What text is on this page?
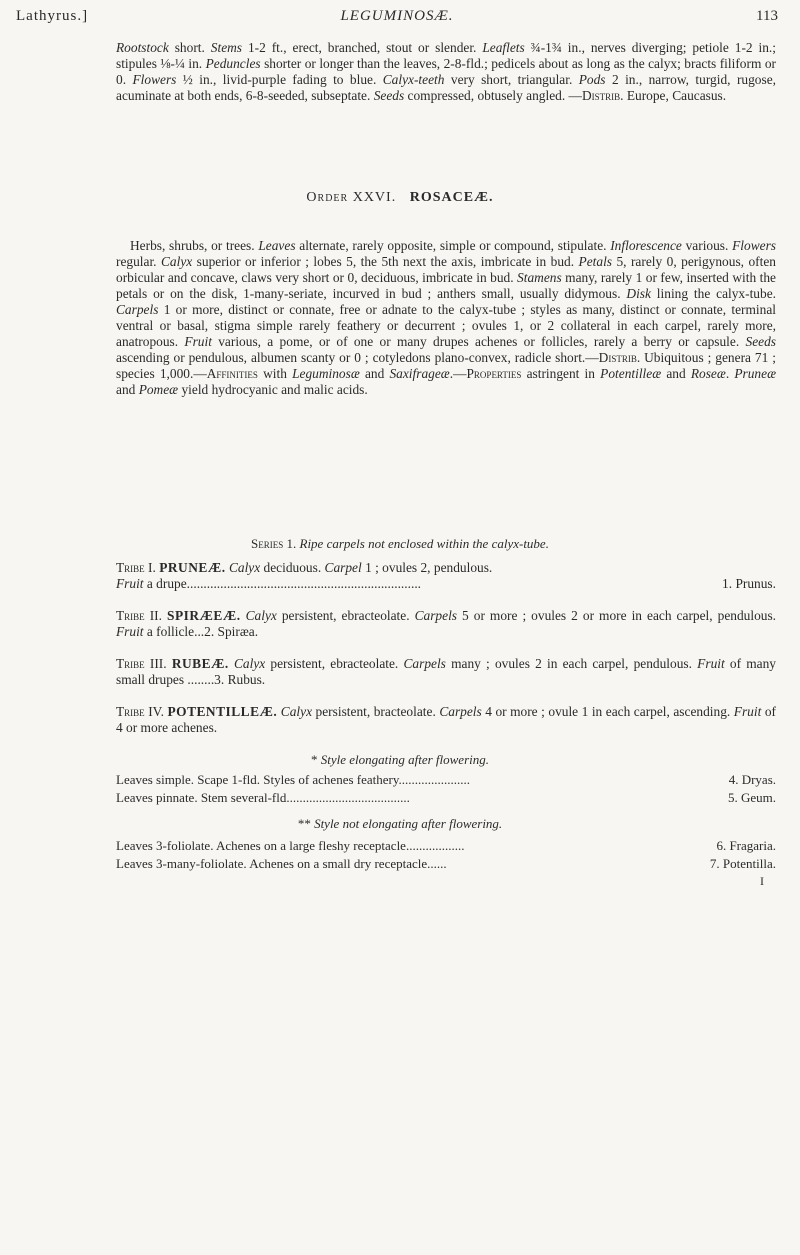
Lathyrus.]	LEGUMINOSÆ.	113
Rootstock short. Stems 1-2 ft., erect, branched, stout or slender. Leaflets ¾-1¾ in., nerves diverging; petiole 1-2 in.; stipules ⅛-¼ in. Peduncles shorter or longer than the leaves, 2-8-fld.; pedicels about as long as the calyx; bracts filiform or 0. Flowers ½ in., livid-purple fading to blue. Calyx-teeth very short, triangular. Pods 2 in., narrow, turgid, rugose, acuminate at both ends, 6-8-seeded, subseptate. Seeds compressed, obtusely angled. —Distrib. Europe, Caucasus.
Order XXVI. ROSACEÆ.
Herbs, shrubs, or trees. Leaves alternate, rarely opposite, simple or compound, stipulate. Inflorescence various. Flowers regular. Calyx superior or inferior ; lobes 5, the 5th next the axis, imbricate in bud. Petals 5, rarely 0, perigynous, often orbicular and concave, claws very short or 0, deciduous, imbricate in bud. Stamens many, rarely 1 or few, inserted with the petals or on the disk, 1-many-seriate, incurved in bud ; anthers small, usually didymous. Disk lining the calyx-tube. Carpels 1 or more, distinct or connate, free or adnate to the calyx-tube ; styles as many, distinct or connate, terminal ventral or basal, stigma simple rarely feathery or decurrent ; ovules 1, or 2 collateral in each carpel, rarely more, anatropous. Fruit various, a pome, or of one or many drupes achenes or follicles, rarely a berry or capsule. Seeds ascending or pendulous, albumen scanty or 0 ; cotyledons plano-convex, radicle short.—Distrib. Ubiquitous ; genera 71 ; species 1,000.—Affinities with Leguminosæ and Saxifrageæ.—Properties astringent in Potentilleæ and Roseæ. Pruneæ and Pomeæ yield hydrocyanic and malic acids.
Series 1. Ripe carpels not enclosed within the calyx-tube.
Tribe I. PRUNEÆ. Calyx deciduous. Carpel 1 ; ovules 2, pendulous.
Fruit a drupe......................................................................	1. Prunus.
Tribe II. SPIRÆEÆ. Calyx persistent, ebracteolate. Carpels 5 or more ; ovules 2 or more in each carpel, pendulous. Fruit a follicle...2. Spiræa.
Tribe III. RUBEÆ. Calyx persistent, ebracteolate. Carpels many ; ovules 2 in each carpel, pendulous. Fruit of many small drupes ........3. Rubus.
Tribe IV. POTENTILLEÆ. Calyx persistent, bracteolate. Carpels 4 or more ; ovule 1 in each carpel, ascending. Fruit of 4 or more achenes.
* Style elongating after flowering.
Leaves simple. Scape 1-fld. Styles of achenes feathery......................	4. Dryas.
Leaves pinnate. Stem several-fld......................................	5. Geum.
** Style not elongating after flowering.
Leaves 3-foliolate. Achenes on a large fleshy receptacle..................	6. Fragaria.
Leaves 3-many-foliolate. Achenes on a small dry receptacle......	7. Potentilla.
I
